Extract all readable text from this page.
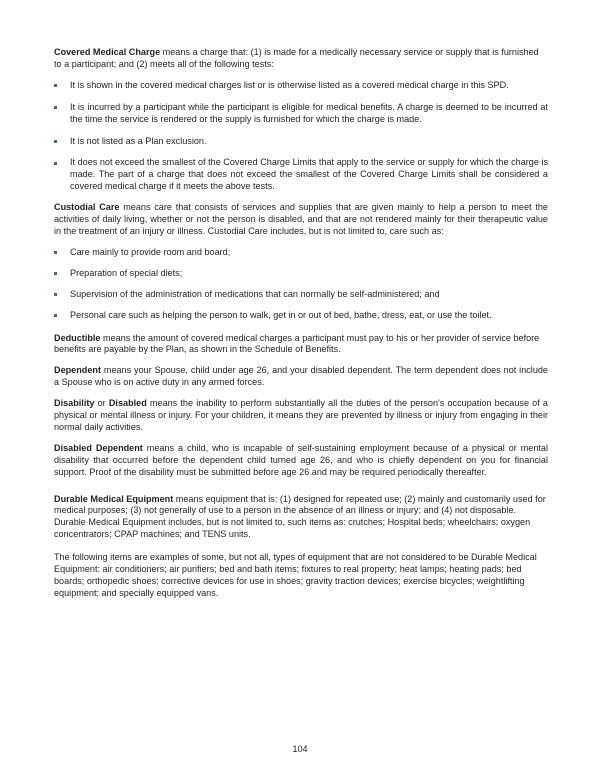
Covered Medical Charge means a charge that: (1) is made for a medically necessary service or supply that is furnished to a participant; and (2) meets all of the following tests:

It is shown in the covered medical charges list or is otherwise listed as a covered medical charge in this SPD.
It is incurred by a participant while the participant is eligible for medical benefits. A charge is deemed to be incurred at the time the service is rendered or the supply is furnished for which the charge is made.
It is not listed as a Plan exclusion.
It does not exceed the smallest of the Covered Charge Limits that apply to the service or supply for which the charge is made. The part of a charge that does not exceed the smallest of the Covered Charge Limits shall be considered a covered medical charge if it meets the above tests.

Custodial Care means care that consists of services and supplies that are given mainly to help a person to meet the activities of daily living, whether or not the person is disabled, and that are not rendered mainly for their therapeutic value in the treatment of an injury or illness. Custodial Care includes, but is not limited to, care such as:

Care mainly to provide room and board;
Preparation of special diets;
Supervision of the administration of medications that can normally be self-administered; and
Personal care such as helping the person to walk, get in or out of bed, bathe, dress, eat, or use the toilet.

Deductible means the amount of covered medical charges a participant must pay to his or her provider of service before benefits are payable by the Plan, as shown in the Schedule of Benefits.

Dependent means your Spouse, child under age 26, and your disabled dependent. The term dependent does not include a Spouse who is on active duty in any armed forces.

Disability or Disabled means the inability to perform substantially all the duties of the person's occupation because of a physical or mental illness or injury. For your children, it means they are prevented by illness or injury from engaging in their normal daily activities.

Disabled Dependent means a child, who is incapable of self-sustaining employment because of a physical or mental disability that occurred before the dependent child turned age 26, and who is chiefly dependent on you for financial support. Proof of the disability must be submitted before age 26 and may be required periodically thereafter.

Durable Medical Equipment means equipment that is: (1) designed for repeated use; (2) mainly and customarily used for medical purposes; (3) not generally of use to a person in the absence of an illness or injury; and (4) not disposable. Durable Medical Equipment includes, but is not limited to, such items as: crutches; Hospital beds; wheelchairs; oxygen concentrators; CPAP machines; and TENS units.

The following items are examples of some, but not all, types of equipment that are not considered to be Durable Medical Equipment: air conditioners; air purifiers; bed and bath items; fixtures to real property; heat lamps; heating pads; bed boards; orthopedic shoes; corrective devices for use in shoes; gravity traction devices; exercise bicycles; weightlifting equipment; and specially equipped vans.

104
